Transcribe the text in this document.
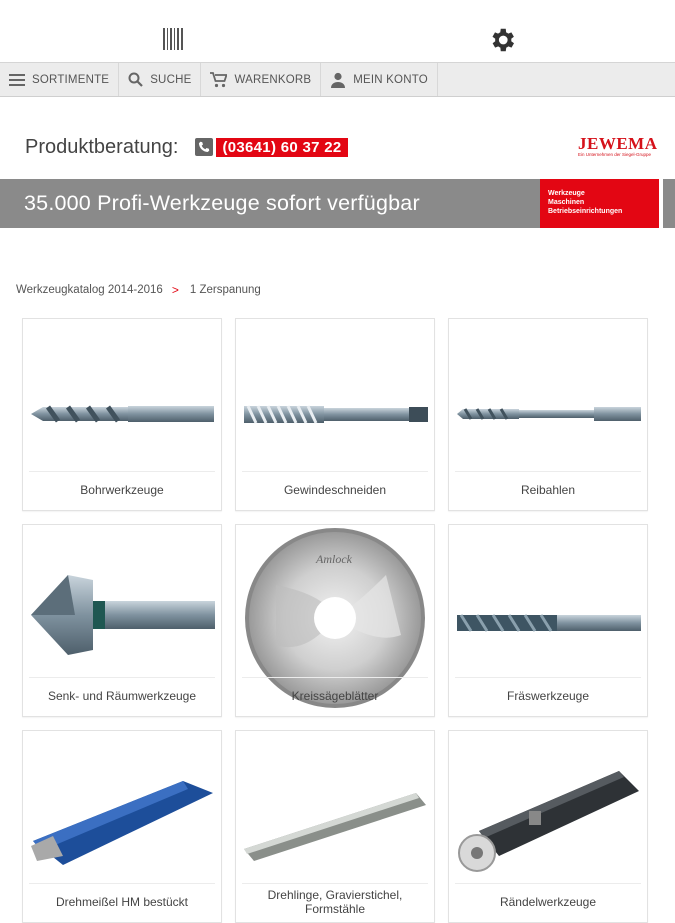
SORTIMENTE	SUCHE	WARENKORB	MEIN KONTO
Produktberatung:	(03641) 60 37 22	JEWEMA
Ein Unternehmen der Siegel-Gruppe
35.000 Profi-Werkzeuge sofort verfügbar	Werkzeuge
Maschinen
Betriebseinrichtungen
Werkzeugkatalog 2014-2016 > 1 Zerspanung
Bohrwerkzeuge	Gewindeschneiden	Reibahlen
Senk- und Räumwerkzeuge
Amlock
Kreissägeblätter	Fräswerkzeuge
Drehmeißel HM bestückt	Drehlinge, Gravierstichel,
Formstähle	Rändelwerkzeuge
